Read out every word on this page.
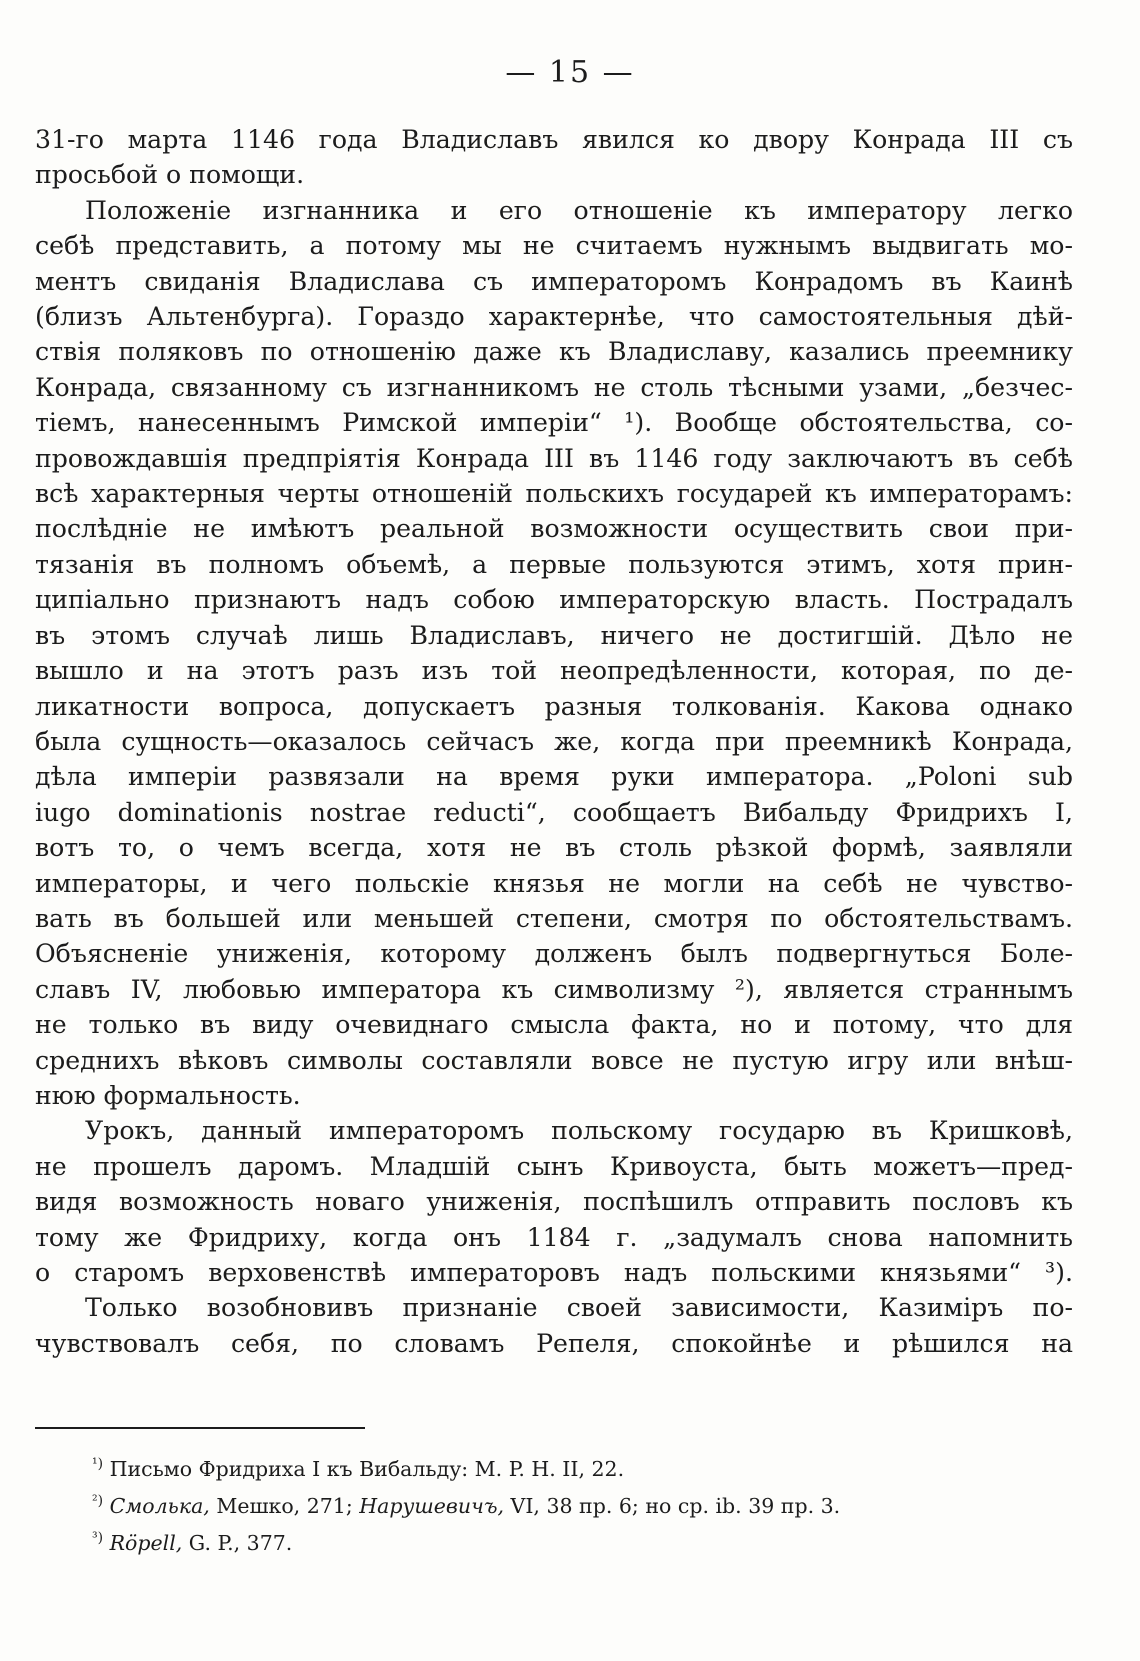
— 15 —
31-го марта 1146 года Владиславъ явился ко двору Конрада III съ
просьбой о помощи.
Положеніе изгнанника и его отношеніе къ императору легко
себѣ представить, а потому мы не считаемъ нужнымъ выдвигать мо-
ментъ свиданія Владислава съ императоромъ Конрадомъ въ Каинѣ
(близъ Альтенбурга). Гораздо характернѣе, что самостоятельныя дѣй-
ствія поляковъ по отношенію даже къ Владиславу, казались преемнику
Конрада, связанному съ изгнанникомъ не столь тѣсными узами, „безчес-
тіемъ, нанесеннымъ Римской имперіи“ ¹). Вообще обстоятельства, со-
провождавшія предпріятія Конрада III въ 1146 году заключаютъ въ себѣ
всѣ характерныя черты отношеній польскихъ государей къ императорамъ:
послѣдніе не имѣютъ реальной возможности осуществить свои при-
тязанія въ полномъ объемѣ, а первые пользуются этимъ, хотя прин-
ципіально признаютъ надъ собою императорскую власть. Пострадалъ
въ этомъ случаѣ лишь Владиславъ, ничего не достигшій. Дѣло не
вышло и на этотъ разъ изъ той неопредѣленности, которая, по де-
ликатности вопроса, допускаетъ разныя толкованія. Какова однако
была сущность—оказалось сейчасъ же, когда при преемникѣ Конрада,
дѣла имперіи развязали на время руки императора. „Poloni sub
iugo dominationis nostrae reducti“, сообщаетъ Вибальду Фридрихъ I,
вотъ то, о чемъ всегда, хотя не въ столь рѣзкой формѣ, заявляли
императоры, и чего польскіе князья не могли на себѣ не чувство-
вать въ большей или меньшей степени, смотря по обстоятельствамъ.
Объясненіе униженія, которому долженъ былъ подвергнуться Боле-
славъ IV, любовью императора къ символизму ²), является страннымъ
не только въ виду очевиднаго смысла факта, но и потому, что для
среднихъ вѣковъ символы составляли вовсе не пустую игру или внѣш-
нюю формальность.
Урокъ, данный императоромъ польскому государю въ Кришковѣ,
не прошелъ даромъ. Младшій сынъ Кривоуста, быть можетъ—пред-
видя возможность новаго униженія, поспѣшилъ отправить пословъ къ
тому же Фридриху, когда онъ 1184 г. „задумалъ снова напомнить
о старомъ верховенствѣ императоровъ надъ польскими князьями“ ³).
Только возобновивъ признаніе своей зависимости, Казиміръ по-
чувствовалъ себя, по словамъ Репеля, спокойнѣе и рѣшился на
$^{^1)}$ Письмо Фридриха I къ Вибальду: M. P. H. II, 22.
$^{^2)}$ Смолька, Мешко, 271; Нарушевичъ, VI, 38 пр. 6; но ср. ib. 39 пр. 3.
$^{^3)}$ Röpell, G. P., 377.
